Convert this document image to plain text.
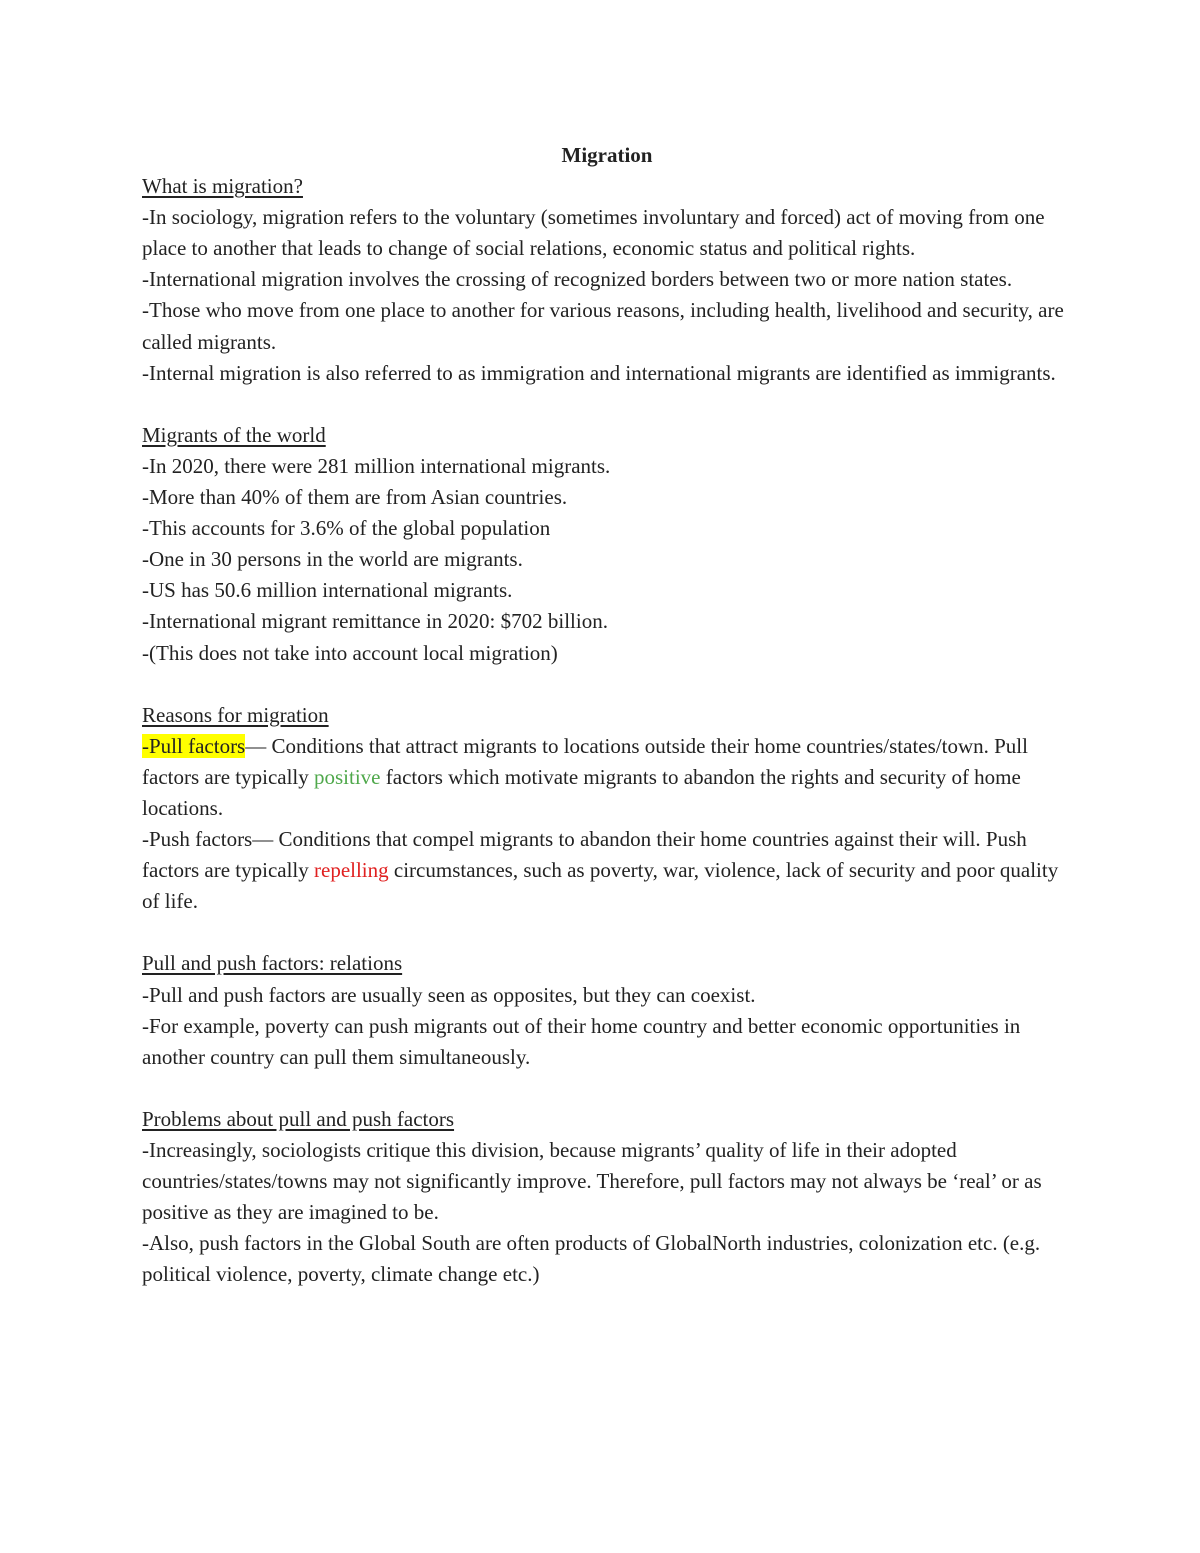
Migration

What is migration?

-In sociology, migration refers to the voluntary (sometimes involuntary and forced) act of moving from one place to another that leads to change of social relations, economic status and political rights.

-International migration involves the crossing of recognized borders between two or more nation states.

-Those who move from one place to another for various reasons, including health, livelihood and security, are called migrants.

-Internal migration is also referred to as immigration and international migrants are identified as immigrants.

Migrants of the world

-In 2020, there were 281 million international migrants.

-More than 40% of them are from Asian countries.

-This accounts for 3.6% of the global population

-One in 30 persons in the world are migrants.

-US has 50.6 million international migrants.

-International migrant remittance in 2020: $702 billion.

-(This does not take into account local migration)

Reasons for migration

-Pull factors— Conditions that attract migrants to locations outside their home countries/states/town. Pull factors are typically positive factors which motivate migrants to abandon the rights and security of home locations.

-Push factors— Conditions that compel migrants to abandon their home countries against their will. Push factors are typically repelling circumstances, such as poverty, war, violence, lack of security and poor quality of life.

Pull and push factors: relations

-Pull and push factors are usually seen as opposites, but they can coexist.

-For example, poverty can push migrants out of their home country and better economic opportunities in another country can pull them simultaneously.

Problems about pull and push factors

-Increasingly, sociologists critique this division, because migrants’ quality of life in their adopted countries/states/towns may not significantly improve. Therefore, pull factors may not always be ‘real’ or as positive as they are imagined to be.

-Also, push factors in the Global South are often products of GlobalNorth industries, colonization etc. (e.g. political violence, poverty, climate change etc.)
